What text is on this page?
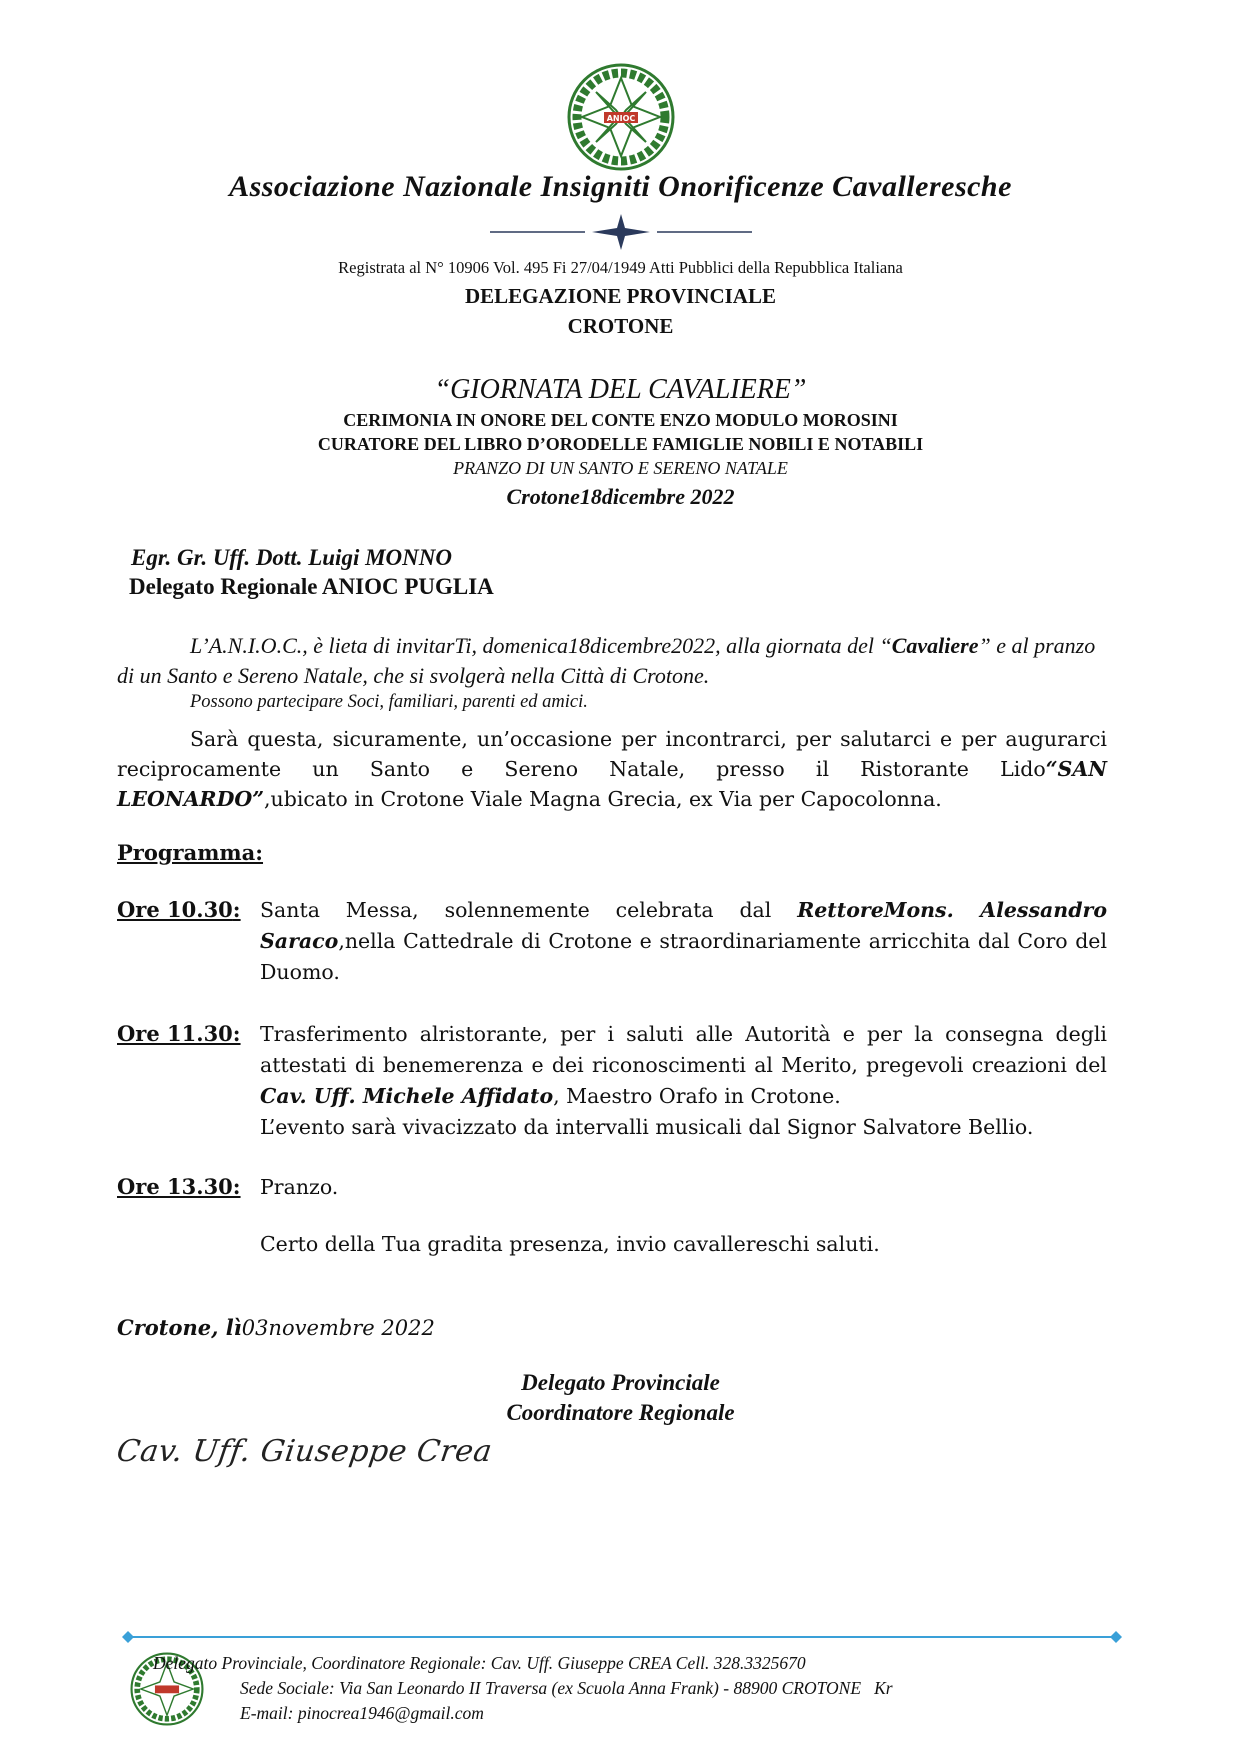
ANIOC
Associazione Nazionale Insigniti Onorificenze Cavalleresche
Registrata al N° 10906 Vol. 495 Fi 27/04/1949 Atti Pubblici della Repubblica Italiana
DELEGAZIONE PROVINCIALE
CROTONE
“GIORNATA DEL CAVALIERE”
CERIMONIA IN ONORE DEL CONTE ENZO MODULO MOROSINI
CURATORE DEL LIBRO D’ORODELLE FAMIGLIE NOBILI E NOTABILI
PRANZO DI UN SANTO E SERENO NATALE
Crotone18dicembre 2022
Egr. Gr. Uff. Dott. Luigi MONNO
Delegato Regionale ANIOC PUGLIA
L’A.N.I.O.C., è lieta di invitarTi, domenica18dicembre2022, alla giornata del “Cavaliere” e al pranzo di un Santo e Sereno Natale, che si svolgerà nella Città di Crotone.
Possono partecipare Soci, familiari, parenti ed amici.
Sarà questa, sicuramente, un’occasione per incontrarci, per salutarci e per augurarci reciprocamente un Santo e Sereno Natale, presso il Ristorante Lido“SAN LEONARDO”,ubicato in Crotone Viale Magna Grecia, ex Via per Capocolonna.
Programma:
Ore 10.30: Santa Messa, solennemente celebrata dal RettoreMons. Alessandro Saraco,nella Cattedrale di Crotone e straordinariamente arricchita dal Coro del Duomo.
Ore 11.30: Trasferimento alristorante, per i saluti alle Autorità e per la consegna degli attestati di benemerenza e dei riconoscimenti al Merito, pregevoli creazioni del Cav. Uff. Michele Affidato, Maestro Orafo in Crotone.
L’evento sarà vivacizzato da intervalli musicali dal Signor Salvatore Bellio.
Ore 13.30: Pranzo.
Certo della Tua gradita presenza, invio cavallereschi saluti.
Crotone, lì03novembre 2022
Delegato Provinciale
Coordinatore Regionale
Cav. Uff. Giuseppe Crea
Delegato Provinciale, Coordinatore Regionale: Cav. Uff. Giuseppe CREA Cell. 328.3325670
Sede Sociale: Via San Leonardo II Traversa (ex Scuola Anna Frank) - 88900 CROTONE   Kr
E-mail: pinocrea1946@gmail.com
